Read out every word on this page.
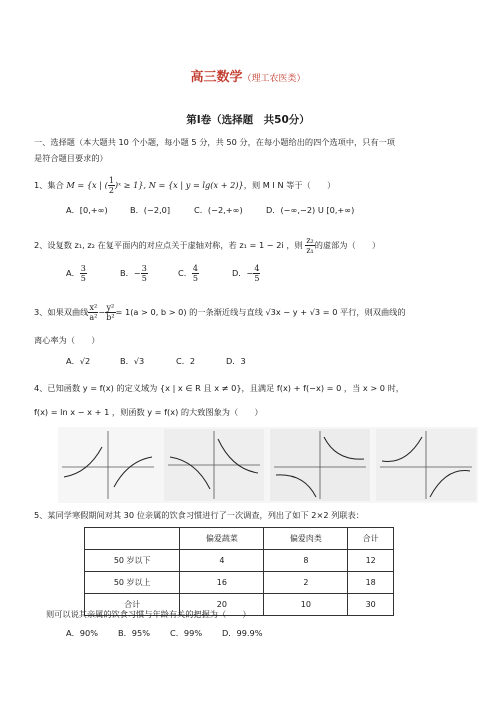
高三数学（理工农医类）
第Ⅰ卷（选择题　共50分）
一、选择题（本大题共 10 个小题，每小题 5 分，共 50 分，在每小题给出的四个选项中，只有一项
是符合题目要求的）
1、集合 M = {x | ( $\frac{1}{2}$ )ˣ ≥ 1}, N = {x | y = lg(x + 2)}，则 M I N 等于（　　）
A．[0,+∞)	B．(−2,0]	C．(−2,+∞)	D．(−∞,−2) U [0,+∞)
2、设复数 z₁, z₂ 在复平面内的对应点关于虚轴对称，若 z₁ = 1 − 2i ，则 $\frac{\text{z₂}}{\text{z₁}}$ 的虚部为（　　）
A． $\frac{3}{5}$	B．− $\frac{3}{5}$	C． $\frac{4}{5}$	D．− $\frac{4}{5}$
3、如果双曲线 $\frac{\text{x²}}{\text{a²}} - \frac{\text{y²}}{\text{b²}} = 1(a > 0$, b > 0) 的一条渐近线与直线 √3x − y + √3 = 0 平行，则双曲线的
离心率为（　　）
A．√2	B．√3	C．2	D．3
4、已知函数 y = f(x) 的定义域为 {x | x ∈ R 且 x ≠ 0}，且满足 f(x) + f(−x) = 0 ，当 x > 0 时，
f(x) = ln x − x + 1 ，则函数 y = f(x) 的大致图象为（　　）
5、某同学寒假期间对其 30 位亲属的饮食习惯进行了一次调查，列出了如下 2×2 列联表：
	偏爱蔬菜	偏爱肉类	合计
50 岁以下	4	8	12
50 岁以上	16	2	18
合计	20	10	30
则可以说其亲属的饮食习惯与年龄有关的把握为（　　）
A．90% B．95% C．99% D．99.9%
